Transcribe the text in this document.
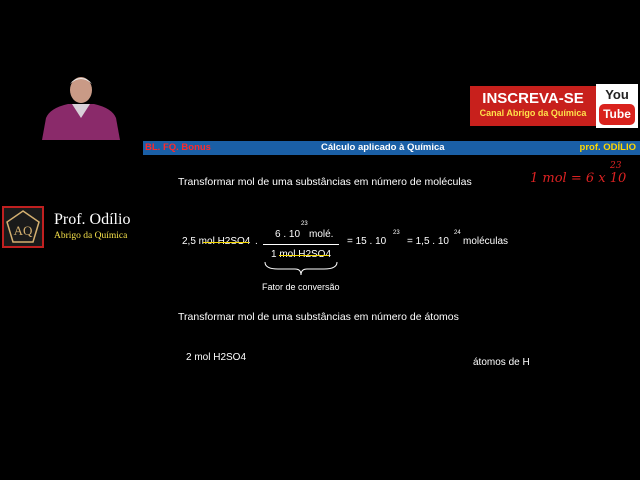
INSCREVA-SE
Canal Abrigo da Química
You
Tube
BL. FQ. Bonus	Cálculo aplicado à Química	prof. ODÍLIO
AQ
Prof. Odílio
Abrigo da Química
1 mol = 6 x 10
23
Transformar mol de uma substâncias em número de moléculas
2,5 mol H2SO4 .
6 . 10
23
molé.
1 mol H2SO4
= 15 . 10
23
= 1,5 . 10
24
moléculas
Fator de conversão
Transformar mol de uma substâncias em número de átomos
2 mol H2SO4	átomos de H
